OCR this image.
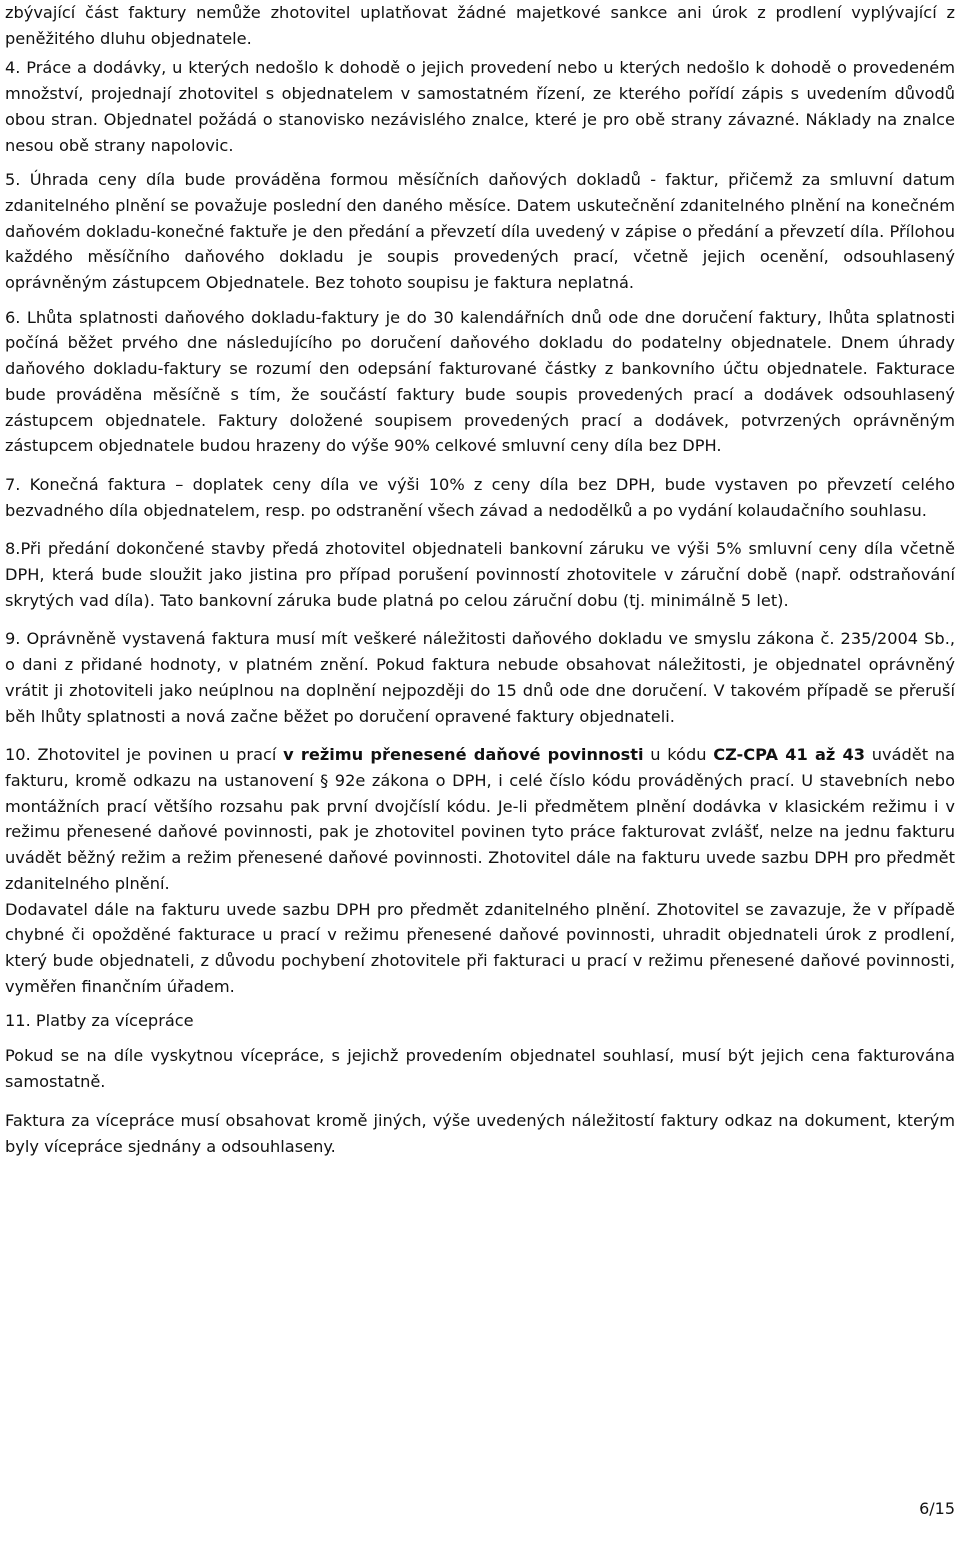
zbývající část faktury nemůže zhotovitel uplatňovat žádné majetkové sankce ani úrok z prodlení vyplývající z peněžitého dluhu objednatele.

4. Práce a dodávky, u kterých nedošlo k dohodě o jejich provedení nebo u kterých nedošlo k dohodě o provedeném množství, projednají zhotovitel s objednatelem v samostatném řízení, ze kterého pořídí zápis s uvedením důvodů obou stran. Objednatel požádá o stanovisko nezávislého znalce, které je pro obě strany závazné. Náklady na znalce nesou obě strany napolovic.

5. Úhrada ceny díla bude prováděna formou měsíčních daňových dokladů - faktur, přičemž za smluvní datum zdanitelného plnění se považuje poslední den daného měsíce. Datem uskutečnění zdanitelného plnění na konečném daňovém dokladu-konečné faktuře je den předání a převzetí díla uvedený v zápise o předání a převzetí díla. Přílohou každého měsíčního daňového dokladu je soupis provedených prací, včetně jejich ocenění, odsouhlasený oprávněným zástupcem Objednatele. Bez tohoto soupisu je faktura neplatná.

6. Lhůta splatnosti daňového dokladu-faktury je do 30 kalendářních dnů ode dne doručení faktury, lhůta splatnosti počíná běžet prvého dne následujícího po doručení daňového dokladu do podatelny objednatele. Dnem úhrady daňového dokladu-faktury se rozumí den odepsání fakturované částky z bankovního účtu objednatele. Fakturace bude prováděna měsíčně s tím, že součástí faktury bude soupis provedených prací a dodávek odsouhlasený zástupcem objednatele. Faktury doložené soupisem provedených prací a dodávek, potvrzených oprávněným zástupcem objednatele budou hrazeny do výše 90% celkové smluvní ceny díla bez DPH.

7. Konečná faktura – doplatek ceny díla ve výši 10% z ceny díla bez DPH, bude vystaven po převzetí celého bezvadného díla objednatelem, resp. po odstranění všech závad a nedodělků a po vydání kolaudačního souhlasu.

8.Při předání dokončené stavby předá zhotovitel objednateli bankovní záruku ve výši 5% smluvní ceny díla včetně DPH, která bude sloužit jako jistina pro případ porušení povinností zhotovitele v záruční době (např. odstraňování skrytých vad díla). Tato bankovní záruka bude platná po celou záruční dobu (tj. minimálně 5 let).

9. Oprávněně vystavená faktura musí mít veškeré náležitosti daňového dokladu ve smyslu zákona č. 235/2004 Sb., o dani z přidané hodnoty, v platném znění. Pokud faktura nebude obsahovat náležitosti, je objednatel oprávněný vrátit ji zhotoviteli jako neúplnou na doplnění nejpozději do 15 dnů ode dne doručení. V takovém případě se přeruší běh lhůty splatnosti a nová začne běžet po doručení opravené faktury objednateli.

10. Zhotovitel je povinen u prací v režimu přenesené daňové povinnosti u kódu CZ-CPA 41 až 43 uvádět na fakturu, kromě odkazu na ustanovení § 92e zákona o DPH, i celé číslo kódu prováděných prací. U stavebních nebo montážních prací většího rozsahu pak první dvojčíslí kódu. Je-li předmětem plnění dodávka v klasickém režimu i v režimu přenesené daňové povinnosti, pak je zhotovitel povinen tyto práce fakturovat zvlášť, nelze na jednu fakturu uvádět běžný režim a režim přenesené daňové povinnosti. Zhotovitel dále na fakturu uvede sazbu DPH pro předmět zdanitelného plnění.

Dodavatel dále na fakturu uvede sazbu DPH pro předmět zdanitelného plnění. Zhotovitel se zavazuje, že v případě chybné či opožděné fakturace u prací v režimu přenesené daňové povinnosti, uhradit objednateli úrok z prodlení, který bude objednateli, z důvodu pochybení zhotovitele při fakturaci u prací v režimu přenesené daňové povinnosti, vyměřen finančním úřadem.

11. Platby za vícepráce

Pokud se na díle vyskytnou vícepráce, s jejichž provedením objednatel souhlasí, musí být jejich cena fakturována samostatně.

Faktura za vícepráce musí obsahovat kromě jiných, výše uvedených náležitostí faktury odkaz na dokument, kterým byly vícepráce sjednány a odsouhlaseny.

6/15
